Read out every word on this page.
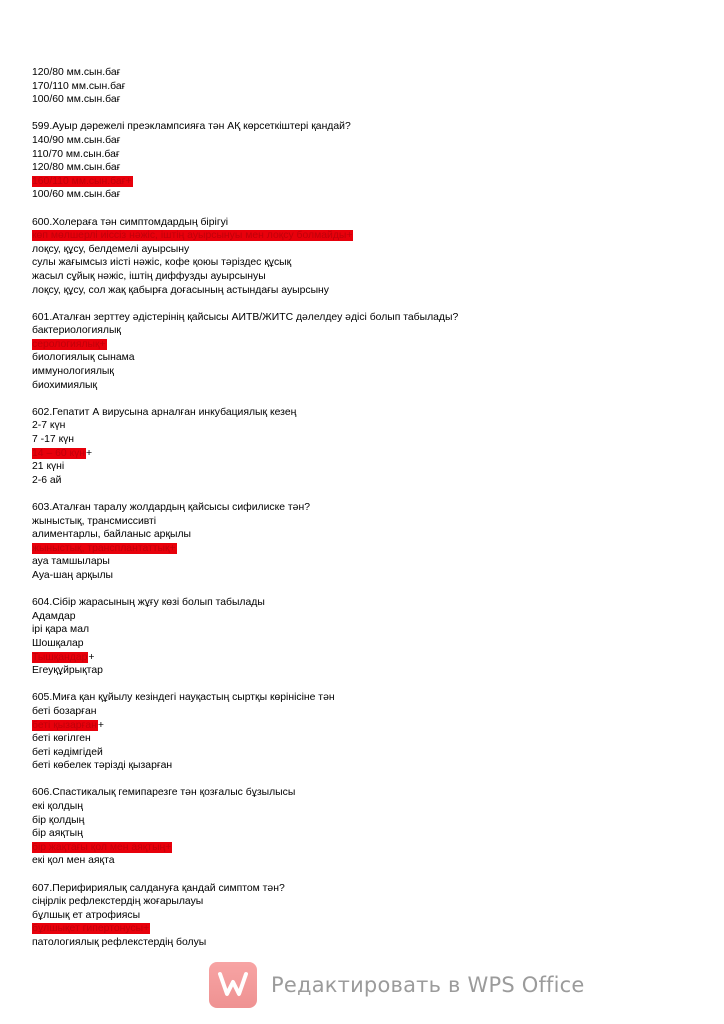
120/80 мм.сын.бағ
170/110 мм.сын.бағ
100/60 мм.сын.бағ
599.Ауыр дәрежелі преэклампсияға тән АҚ көрсеткіштері қандай?
140/90 мм.сын.бағ
110/70 мм.сын.бағ
120/80 мм.сын.бағ
160/110 мм.сын.бағ+
100/60 мм.сын.бағ
600.Холераға тән симптомдардың бірігуі
көп мөлшерлі иісcіз нәжіс, іштің ауырсынуы мен лоқсу болмайды+
лоқсу, құсу, белдемелі ауырсыну
сулы жағымсыз иісті нәжіс, кофе қоюы тәріздес құсық
жасыл сұйық нәжіс, іштің диффузды ауырсынуы
лоқсу, құсу, сол жақ қабырға доғасының астындағы ауырсыну
601.Аталған зерттеу әдістерінің қайсысы АИТВ/ЖИТС дәлелдеу әдісі болып табылады?
бактериологиялық
серологиялық+
биологиялық сынама
иммунологиялық
биохимиялық
602.Гепатит А вирусына арналған инкубациялық кезең
2-7 күн
7 -17 күн
14 – 60 күн+
21 күні
2-6 ай
603.Аталған таралу жолдардың қайсысы сифилиске тән?
жыныстық, трансмиссивті
алиментарлы, байланыс арқылы
жыныстық, трансплантаттық+
ауа тамшылары
Ауа-шаң арқылы
604.Сібір жарасының жұғу көзі болып табылады
Адамдар
ірі қара мал
Шошқалар
Тышқандар+
Егеуқұйрықтар
605.Миға қан құйылу кезіндегі науқастың сыртқы көрінісіне тән
беті бозарған
беті қызарған+
беті көгілген
беті кәдімгідей
беті көбелек тәрізді қызарған
606.Спастикалық гемипарезге тән қозғалыс бұзылысы
екі қолдың
бір қолдың
бір аяқтың
бір жақтағы қол мен аяқтың+
екі қол мен аяқта
607.Перифириялық салдануға қандай симптом тән?
сіңірлік рефлекстердің жоғарылауы
бұлшық ет атрофиясы
бұлшықет гипертонусы+
патологиялық рефлекстердің болуы
Редактировать в WPS Office
